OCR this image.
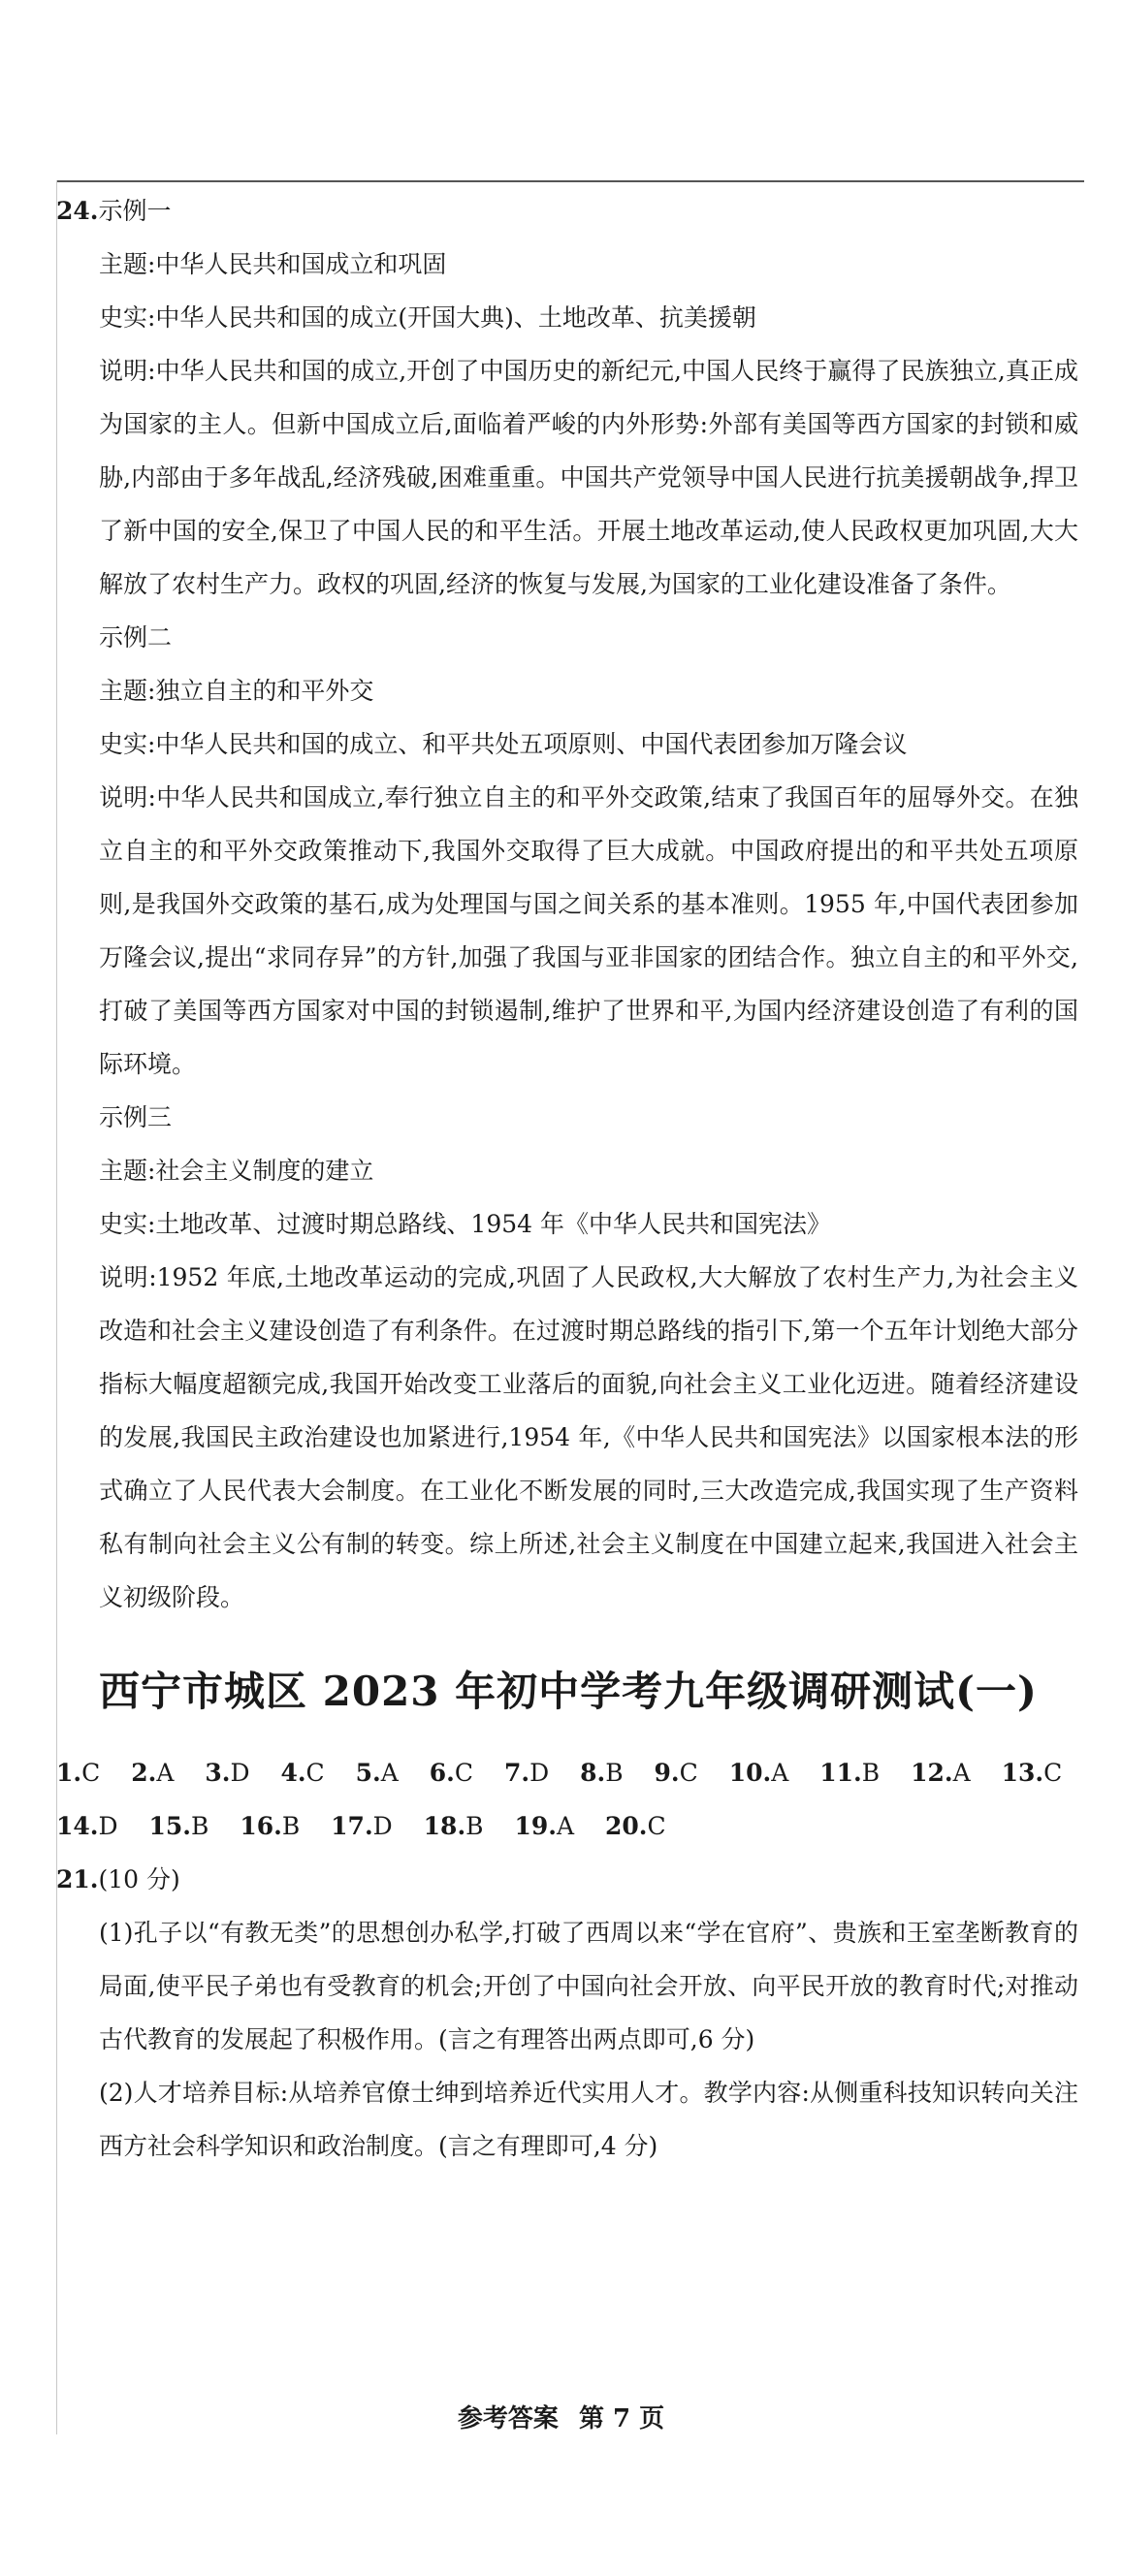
24.示例一
主题:中华人民共和国成立和巩固
史实:中华人民共和国的成立(开国大典)、土地改革、抗美援朝
说明:中华人民共和国的成立,开创了中国历史的新纪元,中国人民终于赢得了民族独立,真正成为国家的主人。但新中国成立后,面临着严峻的内外形势:外部有美国等西方国家的封锁和威胁,内部由于多年战乱,经济残破,困难重重。中国共产党领导中国人民进行抗美援朝战争,捍卫了新中国的安全,保卫了中国人民的和平生活。开展土地改革运动,使人民政权更加巩固,大大解放了农村生产力。政权的巩固,经济的恢复与发展,为国家的工业化建设准备了条件。
示例二
主题:独立自主的和平外交
史实:中华人民共和国的成立、和平共处五项原则、中国代表团参加万隆会议
说明:中华人民共和国成立,奉行独立自主的和平外交政策,结束了我国百年的屈辱外交。在独立自主的和平外交政策推动下,我国外交取得了巨大成就。中国政府提出的和平共处五项原则,是我国外交政策的基石,成为处理国与国之间关系的基本准则。1955 年,中国代表团参加万隆会议,提出“求同存异”的方针,加强了我国与亚非国家的团结合作。独立自主的和平外交,打破了美国等西方国家对中国的封锁遏制,维护了世界和平,为国内经济建设创造了有利的国际环境。
示例三
主题:社会主义制度的建立
史实:土地改革、过渡时期总路线、1954 年《中华人民共和国宪法》
说明:1952 年底,土地改革运动的完成,巩固了人民政权,大大解放了农村生产力,为社会主义改造和社会主义建设创造了有利条件。在过渡时期总路线的指引下,第一个五年计划绝大部分指标大幅度超额完成,我国开始改变工业落后的面貌,向社会主义工业化迈进。随着经济建设的发展,我国民主政治建设也加紧进行,1954 年,《中华人民共和国宪法》以国家根本法的形式确立了人民代表大会制度。在工业化不断发展的同时,三大改造完成,我国实现了生产资料私有制向社会主义公有制的转变。综上所述,社会主义制度在中国建立起来,我国进入社会主义初级阶段。
西宁市城区 2023 年初中学考九年级调研测试(一)
1.C 2.A 3.D 4.C 5.A 6.C 7.D 8.B 9.C 10.A 11.B 12.A 13.C
14.D 15.B 16.B 17.D 18.B 19.A 20.C
21.(10 分)
(1)孔子以“有教无类”的思想创办私学,打破了西周以来“学在官府”、贵族和王室垄断教育的局面,使平民子弟也有受教育的机会;开创了中国向社会开放、向平民开放的教育时代;对推动古代教育的发展起了积极作用。(言之有理答出两点即可,6 分)
(2)人才培养目标:从培养官僚士绅到培养近代实用人才。教学内容:从侧重科技知识转向关注西方社会科学知识和政治制度。(言之有理即可,4 分)
参考答案 第 7 页
